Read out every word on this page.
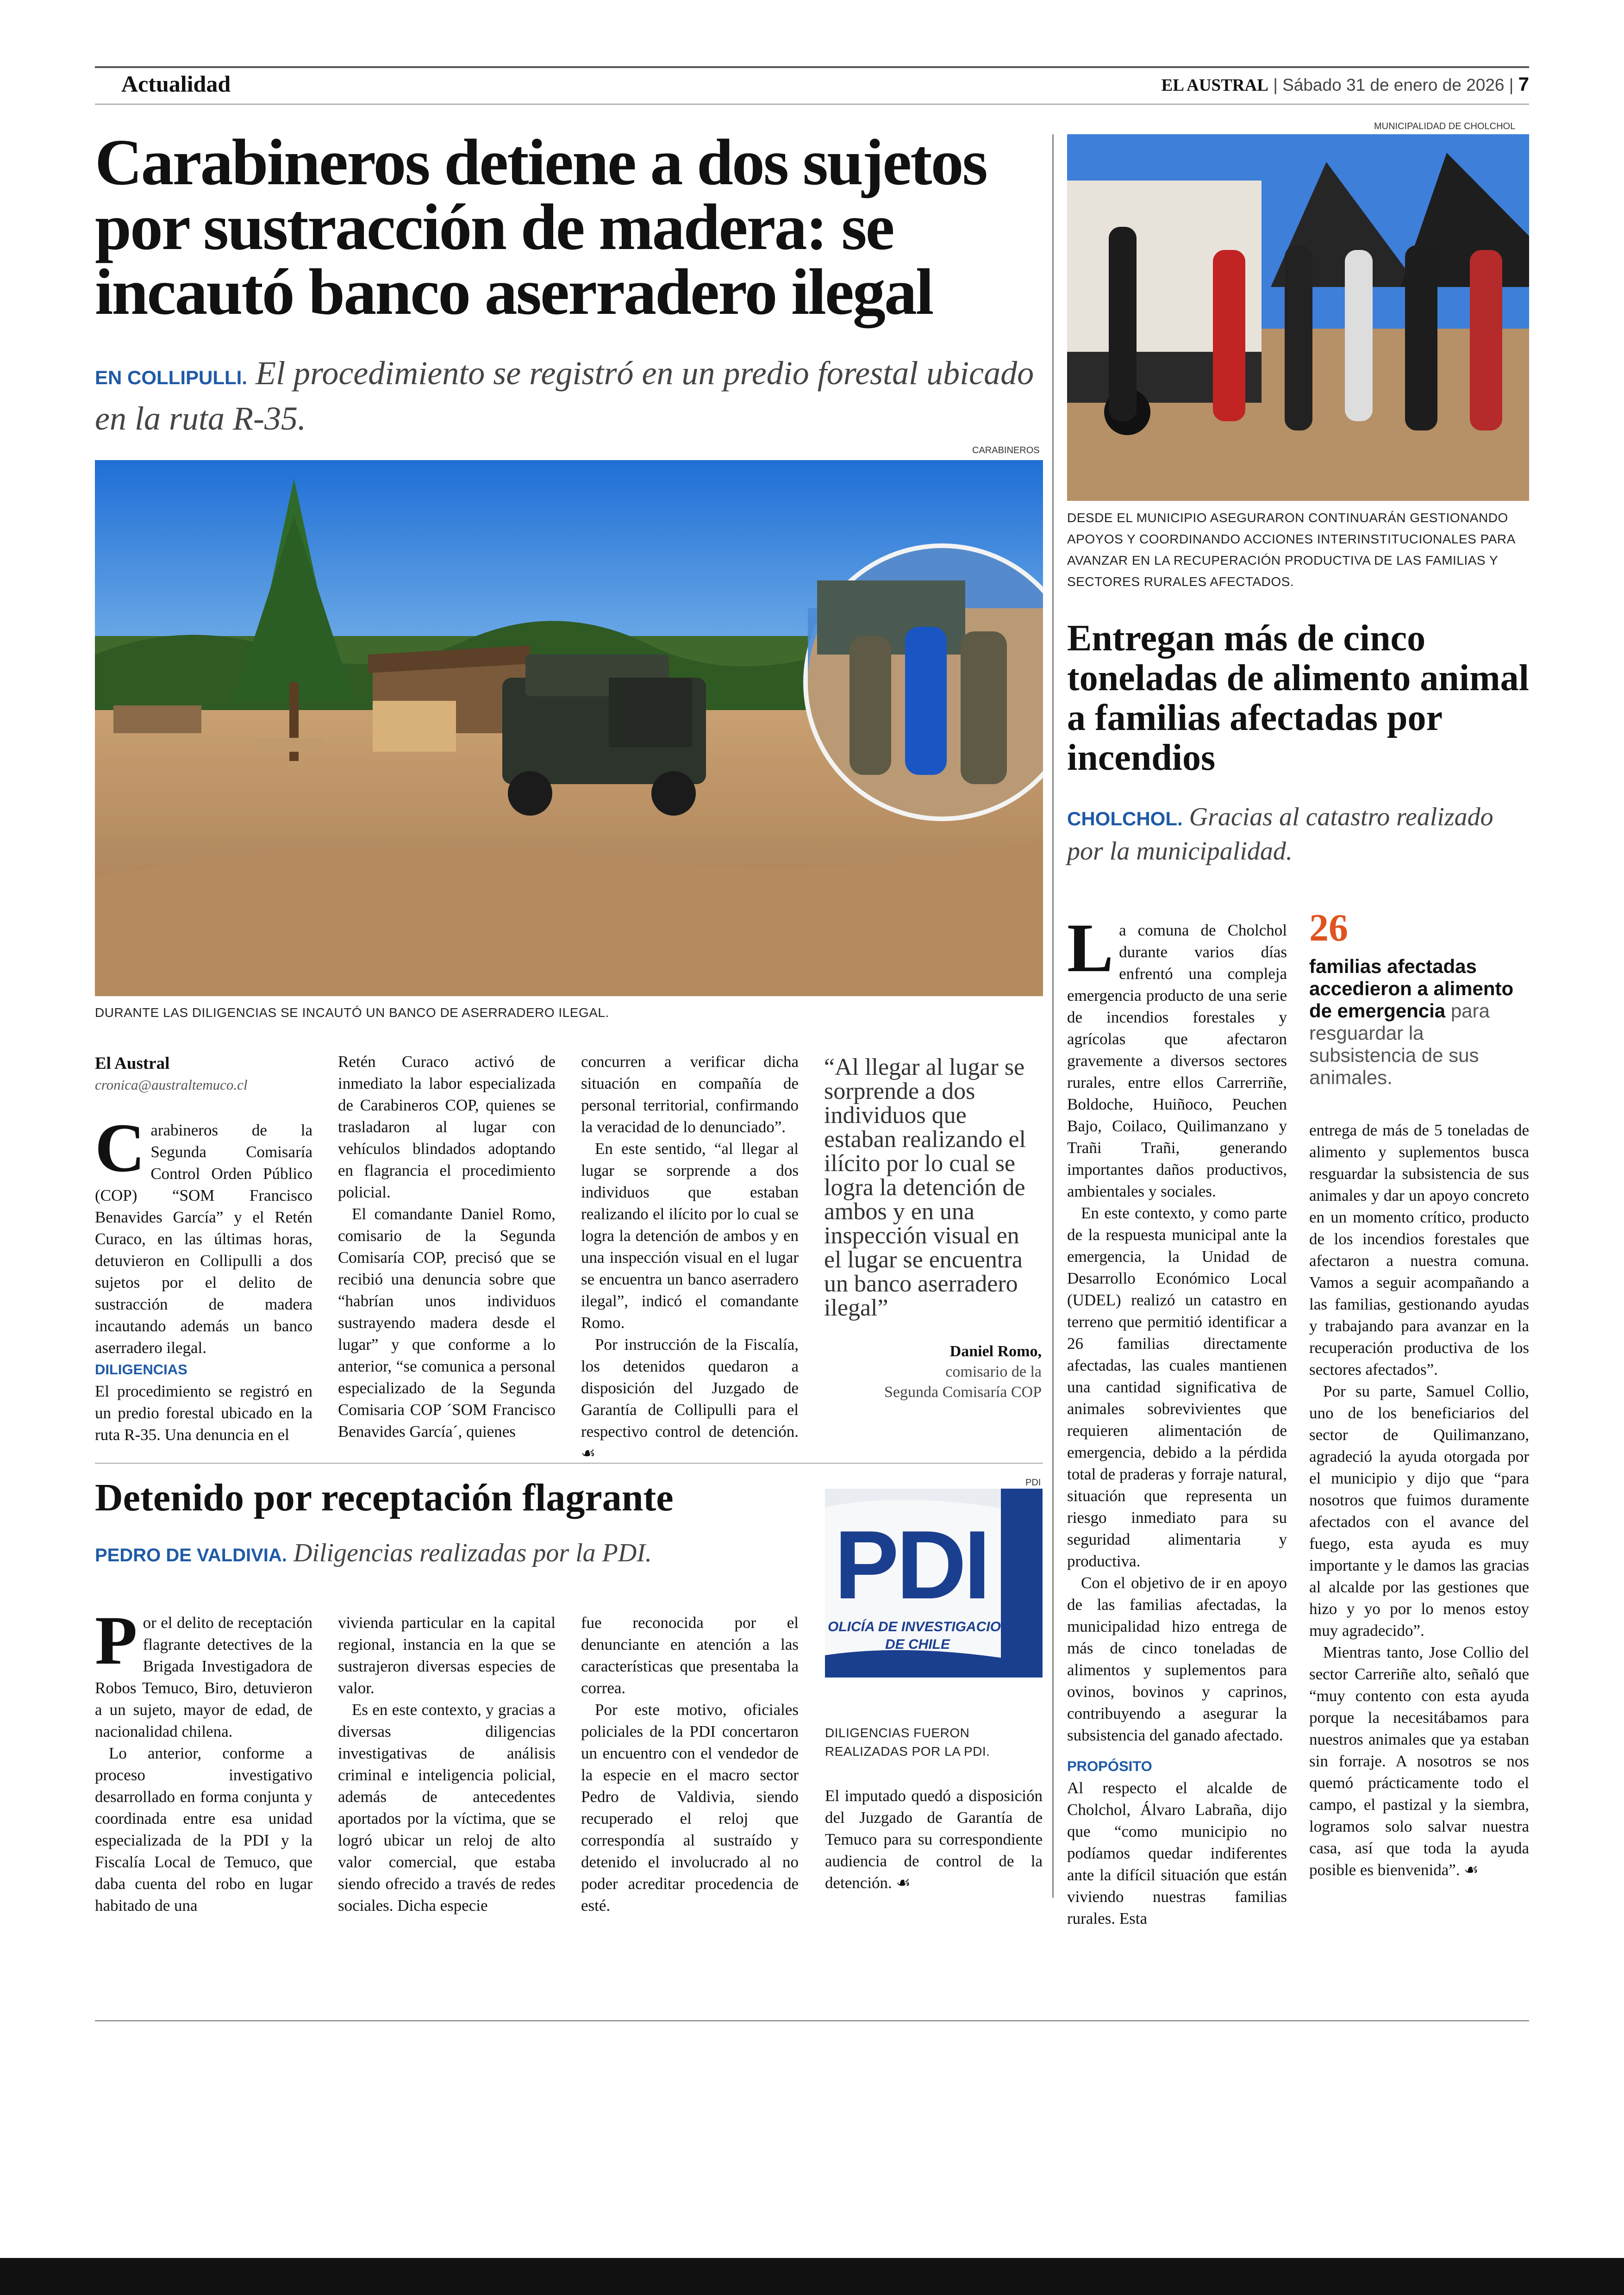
Actualidad	EL AUSTRAL | Sábado 31 de enero de 2026 | 7
Carabineros detiene a dos sujetos por sustracción de madera: se incautó banco aserradero ilegal
EN COLLIPULLI. El procedimiento se registró en un predio forestal ubicado en la ruta R-35.
CARABINEROS
DURANTE LAS DILIGENCIAS SE INCAUTÓ UN BANCO DE ASERRADERO ILEGAL.
El Austral
cronica@australtemuco.cl

Carabineros de la Segunda Comisaría Control Orden Público (COP) “SOM Francisco Benavides García” y el Retén Curaco, en las últimas horas, detuvieron en Collipulli a dos sujetos por el delito de sustracción de madera incautando además un banco aserradero ilegal.

DILIGENCIAS

El procedimiento se registró en un predio forestal ubicado en la ruta R-35. Una denuncia en el

Retén Curaco activó de inmediato la labor especializada de Carabineros COP, quienes se trasladaron al lugar con vehículos blindados adoptando en flagrancia el procedimiento policial.

El comandante Daniel Romo, comisario de la Segunda Comisaría COP, precisó que se recibió una denuncia sobre que “habrían unos individuos sustrayendo madera desde el lugar” y que conforme a lo anterior, “se comunica a personal especializado de la Segunda Comisaria COP ´SOM Francisco Benavides García´, quienes

concurren a verificar dicha situación en compañía de personal territorial, confirmando la veracidad de lo denunciado”.

En este sentido, “al llegar al lugar se sorprende a dos individuos que estaban realizando el ilícito por lo cual se logra la detención de ambos y en una inspección visual en el lugar se encuentra un banco aserradero ilegal”, indicó el comandante Romo.

Por instrucción de la Fiscalía, los detenidos quedaron a disposición del Juzgado de Garantía de Collipulli para el respectivo control de detención. ☙

“Al llegar al lugar se sorprende a dos individuos que estaban realizando el ilícito por lo cual se logra la detención de ambos y en una inspección visual en el lugar se encuentra un banco aserradero ilegal”
Daniel Romo,
comisario de la
Segunda Comisaría COP
Detenido por receptación flagrante
PEDRO DE VALDIVIA. Diligencias realizadas por la PDI.

Por el delito de receptación flagrante detectives de la Brigada Investigadora de Robos Temuco, Biro, detuvieron a un sujeto, mayor de edad, de nacionalidad chilena.

Lo anterior, conforme a proceso investigativo desarrollado en forma conjunta y coordinada entre esa unidad especializada de la PDI y la Fiscalía Local de Temuco, que daba cuenta del robo en lugar habitado de una

vivienda particular en la capital regional, instancia en la que se sustrajeron diversas especies de valor.

Es en este contexto, y gracias a diversas diligencias investigativas de análisis criminal e inteligencia policial, además de antecedentes aportados por la víctima, que se logró ubicar un reloj de alto valor comercial, que estaba siendo ofrecido a través de redes sociales. Dicha especie

fue reconocida por el denunciante en atención a las características que presentaba la correa.

Por este motivo, oficiales policiales de la PDI concertaron un encuentro con el vendedor de la especie en el macro sector Pedro de Valdivia, siendo recuperado el reloj que correspondía al sustraído y detenido el involucrado al no poder acreditar procedencia de esté.

PDI
PDI
OLICÍA DE INVESTIGACIONES
DE CHILE
DILIGENCIAS FUERON REALIZADAS POR LA PDI.

El imputado quedó a disposición del Juzgado de Garantía de Temuco para su correspondiente audiencia de control de la detención. ☙

MUNICIPALIDAD DE CHOLCHOL
DESDE EL MUNICIPIO ASEGURARON CONTINUARÁN GESTIONANDO APOYOS Y COORDINANDO ACCIONES INTERINSTITUCIONALES PARA AVANZAR EN LA RECUPERACIÓN PRODUCTIVA DE LAS FAMILIAS Y SECTORES RURALES AFECTADOS.
Entregan más de cinco toneladas de alimento animal a familias afectadas por incendios
CHOLCHOL. Gracias al catastro realizado por la municipalidad.
26
familias afectadas accedieron a alimento de emergencia para resguardar la subsistencia de sus animales.

La comuna de Cholchol durante varios días enfrentó una compleja emergencia producto de una serie de incendios forestales y agrícolas que afectaron gravemente a diversos sectores rurales, entre ellos Carrerriñe, Boldoche, Huiñoco, Peuchen Bajo, Coilaco, Quilimanzano y Trañi Trañi, generando importantes daños productivos, ambientales y sociales.

En este contexto, y como parte de la respuesta municipal ante la emergencia, la Unidad de Desarrollo Económico Local (UDEL) realizó un catastro en terreno que permitió identificar a 26 familias directamente afectadas, las cuales mantienen una cantidad significativa de animales sobrevivientes que requieren alimentación de emergencia, debido a la pérdida total de praderas y forraje natural, situación que representa un riesgo inmediato para su seguridad alimentaria y productiva.

Con el objetivo de ir en apoyo de las familias afectadas, la municipalidad hizo entrega de más de cinco toneladas de alimentos y suplementos para ovinos, bovinos y caprinos, contribuyendo a asegurar la subsistencia del ganado afectado.

PROPÓSITO

Al respecto el alcalde de Cholchol, Álvaro Labraña, dijo que “como municipio no podíamos quedar indiferentes ante la difícil situación que están viviendo nuestras familias rurales. Esta

entrega de más de 5 toneladas de alimento y suplementos busca resguardar la subsistencia de sus animales y dar un apoyo concreto en un momento crítico, producto de los incendios forestales que afectaron a nuestra comuna. Vamos a seguir acompañando a las familias, gestionando ayudas y trabajando para avanzar en la recuperación productiva de los sectores afectados”.

Por su parte, Samuel Collio, uno de los beneficiarios del sector de Quilimanzano, agradeció la ayuda otorgada por el municipio y dijo que “para nosotros que fuimos duramente afectados con el avance del fuego, esta ayuda es muy importante y le damos las gracias al alcalde por las gestiones que hizo y yo por lo menos estoy muy agradecido”.

Mientras tanto, Jose Collio del sector Carreriñe alto, señaló que “muy contento con esta ayuda porque la necesitábamos para nuestros animales que ya estaban sin forraje. A nosotros se nos quemó prácticamente todo el campo, el pastizal y la siembra, logramos solo salvar nuestra casa, así que toda la ayuda posible es bienvenida”. ☙
